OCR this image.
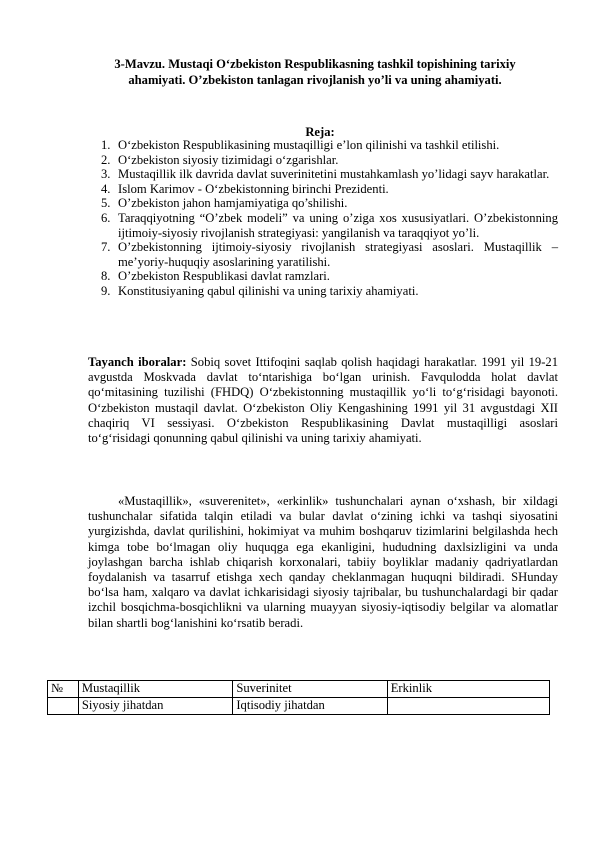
3-Mavzu. Mustaqi O‘zbekiston Respublikasning tashkil topishining tarixiy
ahamiyati. O’zbekiston tanlagan rivojlanish yo’li va uning ahamiyati.
Reja:
1. O‘zbekiston Respublikasining mustaqilligi e’lon qilinishi va tashkil etilishi.
2. O‘zbekiston siyosiy tizimidagi o‘zgarishlar.
3. Mustaqillik ilk davrida davlat suverinitetini mustahkamlash yo’lidagi sayv harakatlar.
4. Islom Karimov - O‘zbekistonning birinchi Prezidenti.
5. O’zbekiston jahon hamjamiyatiga qo’shilishi.
6. Taraqqiyotning “O’zbek modeli” va uning o’ziga xos xususiyatlari. O’zbekistonning ijtimoiy-siyosiy rivojlanish strategiyasi: yangilanish va taraqqiyot yo’li.
7. O’zbekistonning ijtimoiy-siyosiy rivojlanish strategiyasi asoslari. Mustaqillik – me’yoriy-huquqiy asoslarining yaratilishi.
8. O’zbekiston Respublikasi davlat ramzlari.
9. Konstitusiyaning qabul qilinishi va uning tarixiy ahamiyati.

Tayanch iboralar: Sobiq sovet Ittifoqini saqlab qolish haqidagi harakatlar. 1991 yil 19-21 avgustda Moskvada davlat to‘ntarishiga bo‘lgan urinish. Favqulodda holat davlat qo‘mitasining tuzilishi (FHDQ) O‘zbekistonning mustaqillik yo‘li to‘g‘risidagi bayonoti. O‘zbekiston mustaqil davlat. O‘zbekiston Oliy Kengashining 1991 yil 31 avgustdagi XII chaqiriq VI sessiyasi. O‘zbekiston Respublikasining Davlat mustaqilligi asoslari to‘g‘risidagi qonunning qabul qilinishi va uning tarixiy ahamiyati.

«Mustaqillik», «suverenitet», «erkinlik» tushunchalari aynan o‘xshash, bir xildagi tushunchalar sifatida talqin etiladi va bular davlat o‘zining ichki va tashqi siyosatini yurgizishda, davlat qurilishini, hokimiyat va muhim boshqaruv tizimlarini belgilashda hech kimga tobe bo‘lmagan oliy huquqga ega ekanligini, hududning daxlsizligini va unda joylashgan barcha ishlab chiqarish korxonalari, tabiiy boyliklar madaniy qadriyatlardan foydalanish va tasarruf etishga xech qanday cheklanmagan huquqni bildiradi. SHunday bo‘lsa ham, xalqaro va davlat ichkarisidagi siyosiy tajribalar, bu tushunchalardagi bir qadar izchil bosqichma-bosqichlikni va ularning muayyan siyosiy-iqtisodiy belgilar va alomatlar bilan shartli bog‘lanishini ko‘rsatib beradi.

№	Mustaqillik	Suverinitet	Erkinlik
	Siyosiy jihatdan	Iqtisodiy jihatdan	
